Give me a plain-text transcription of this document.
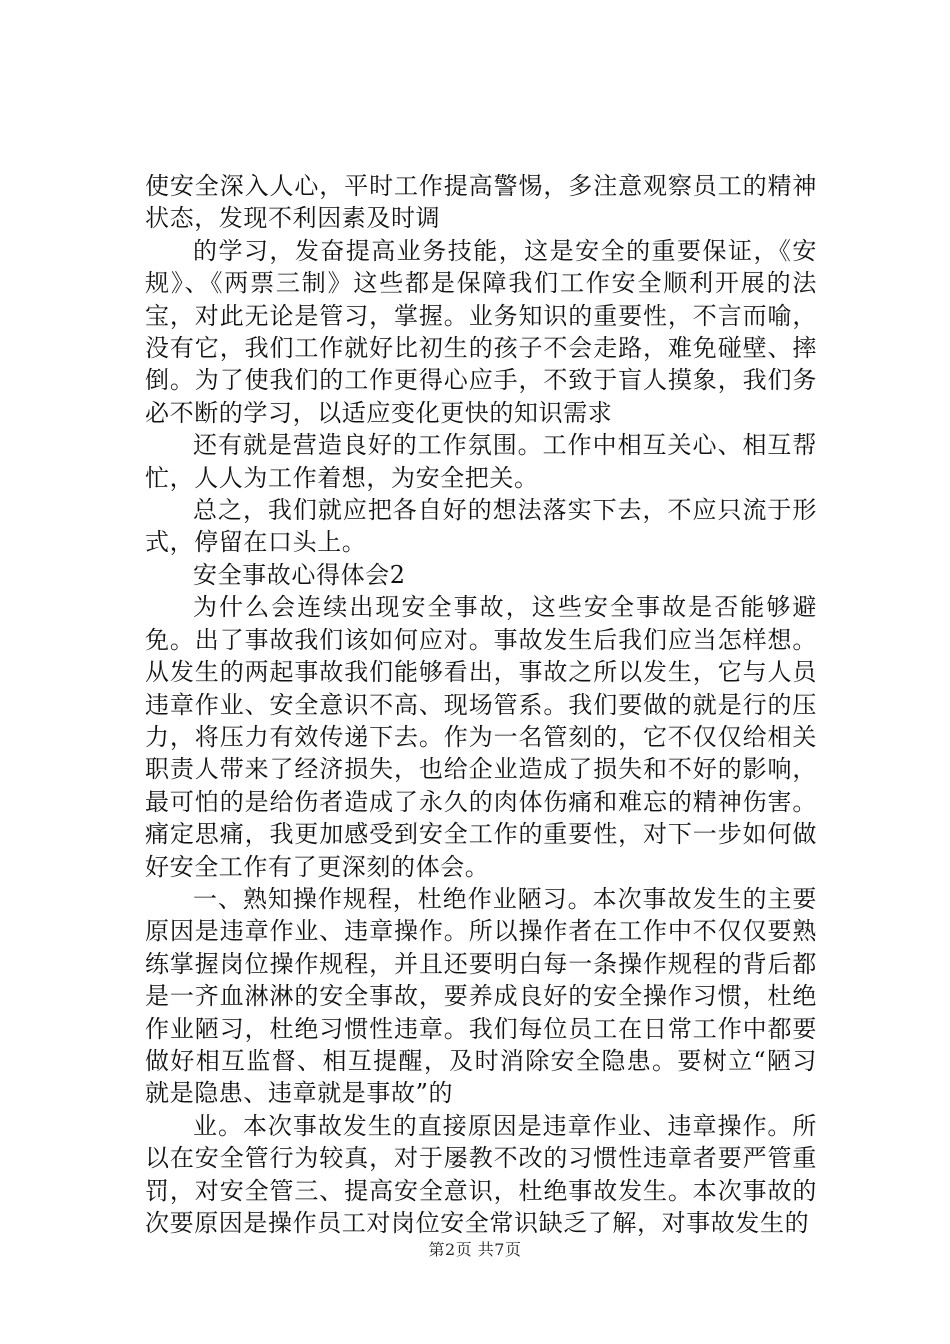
使安全深入人心，平时工作提高警惕，多注意观察员工的精神状态，发现不利因素及时调

的学习，发奋提高业务技能，这是安全的重要保证，《安规》、《两票三制》这些都是保障我们工作安全顺利开展的法宝，对此无论是管习，掌握。业务知识的重要性，不言而喻，没有它，我们工作就好比初生的孩子不会走路，难免碰壁、摔倒。为了使我们的工作更得心应手，不致于盲人摸象，我们务必不断的学习，以适应变化更快的知识需求

还有就是营造良好的工作氛围。工作中相互关心、相互帮忙，人人为工作着想，为安全把关。

总之，我们就应把各自好的想法落实下去，不应只流于形式，停留在口头上。

安全事故心得体会2

为什么会连续出现安全事故，这些安全事故是否能够避免。出了事故我们该如何应对。事故发生后我们应当怎样想。从发生的两起事故我们能够看出，事故之所以发生，它与人员违章作业、安全意识不高、现场管系。我们要做的就是行的压力，将压力有效传递下去。作为一名管刻的，它不仅仅给相关职责人带来了经济损失，也给企业造成了损失和不好的影响，最可怕的是给伤者造成了永久的肉体伤痛和难忘的精神伤害。痛定思痛，我更加感受到安全工作的重要性，对下一步如何做好安全工作有了更深刻的体会。

一、熟知操作规程，杜绝作业陋习。本次事故发生的主要原因是违章作业、违章操作。所以操作者在工作中不仅仅要熟练掌握岗位操作规程，并且还要明白每一条操作规程的背后都是一齐血淋淋的安全事故，要养成良好的安全操作习惯，杜绝作业陋习，杜绝习惯性违章。我们每位员工在日常工作中都要做好相互监督、相互提醒，及时消除安全隐患。要树立“陋习就是隐患、违章就是事故”的

业。本次事故发生的直接原因是违章作业、违章操作。所以在安全管行为较真，对于屡教不改的习惯性违章者要严管重罚，对安全管三、提高安全意识，杜绝事故发生。本次事故的次要原因是操作员工对岗位安全常识缺乏了解，对事故发生的

第2页 共7页
